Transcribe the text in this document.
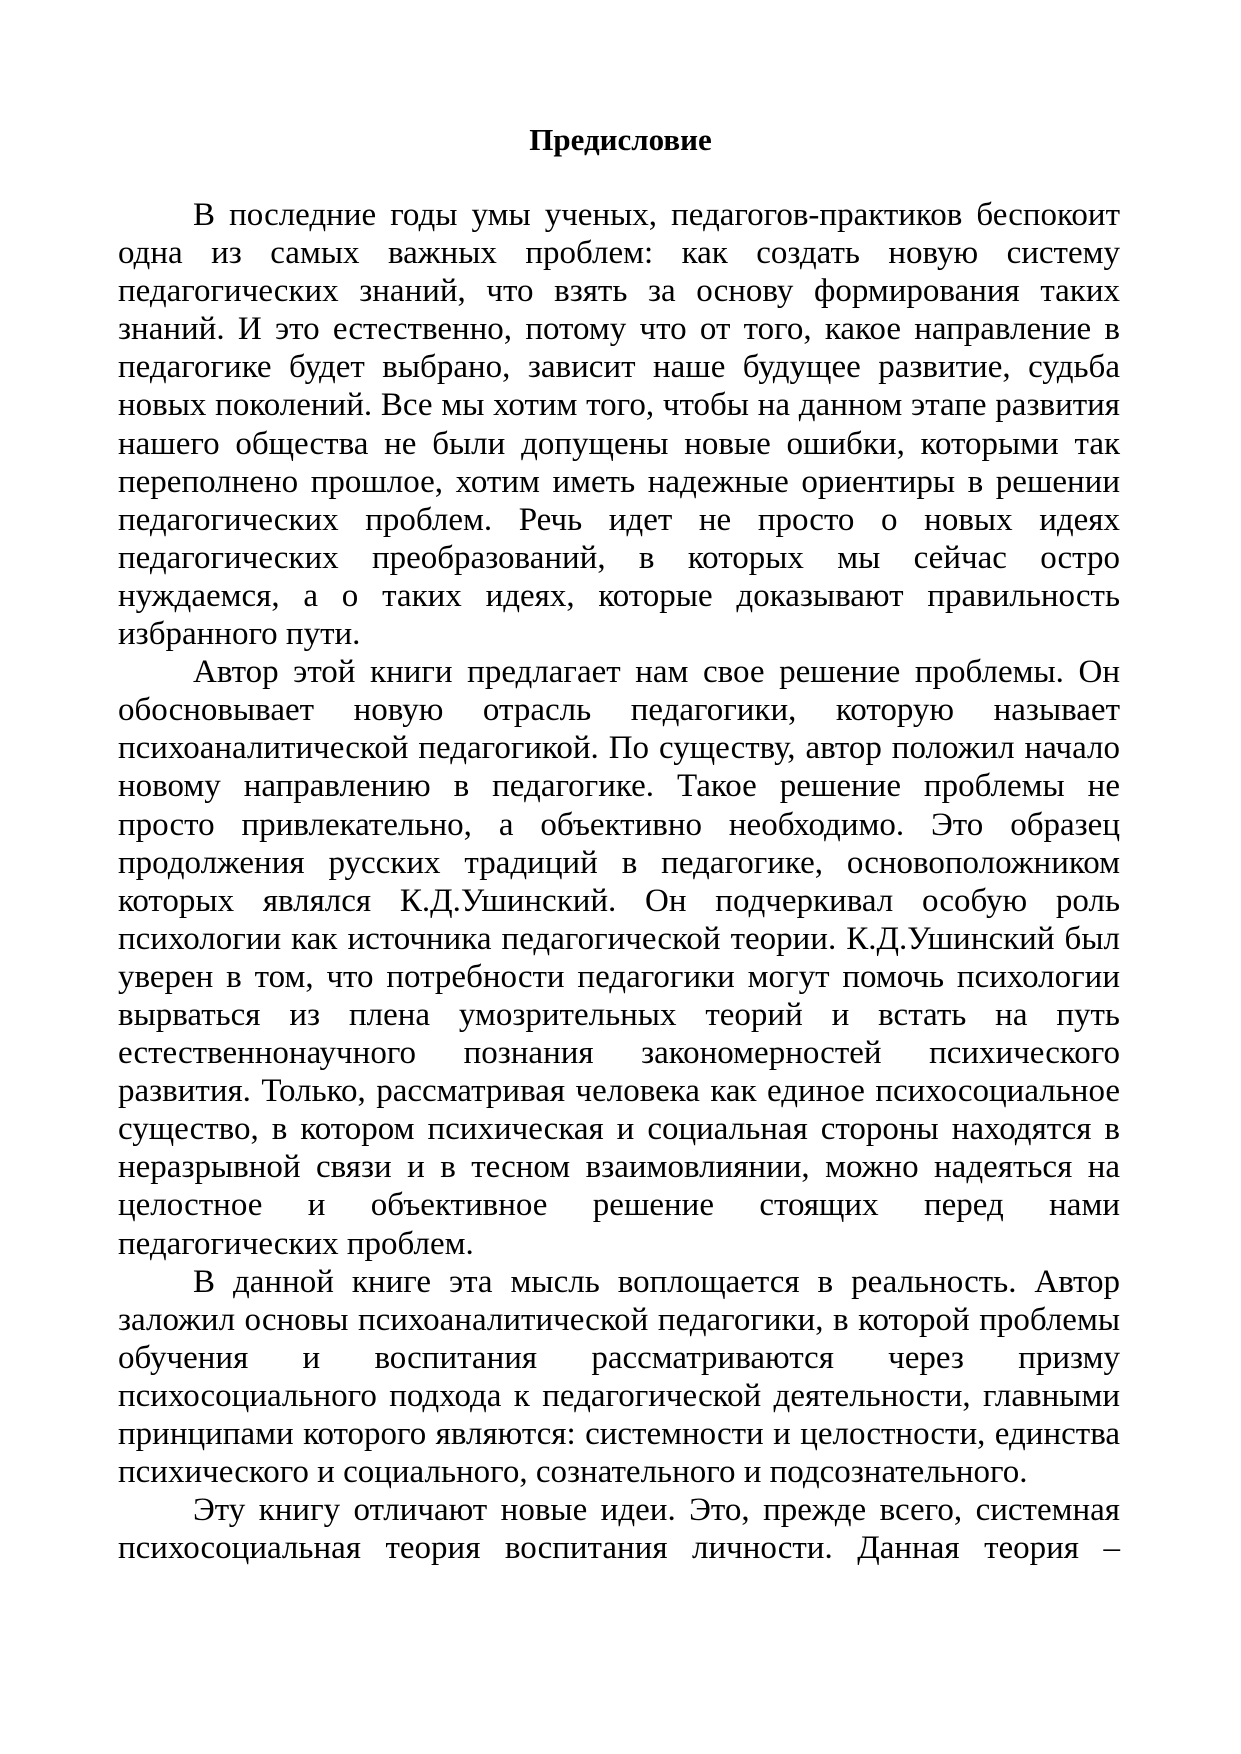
Предисловие

В последние годы умы ученых, педагогов-практиков беспокоит одна из самых важных проблем: как создать новую систему педагогических знаний, что взять за основу формирования таких знаний. И это естественно, потому что от того, какое направление в педагогике будет выбрано, зависит наше будущее развитие, судьба новых поколений. Все мы хотим того, чтобы на данном этапе развития нашего общества не были допущены новые ошибки, которыми так переполнено прошлое, хотим иметь надежные ориентиры в решении педагогических проблем. Речь идет не просто о новых идеях педагогических преобразований, в которых мы сейчас остро нуждаемся, а о таких идеях, которые доказывают правильность избранного пути.

Автор этой книги предлагает нам свое решение проблемы. Он обосновывает новую отрасль педагогики, которую называет психоаналитической педагогикой. По существу, автор положил начало новому направлению в педагогике. Такое решение проблемы не просто привлекательно, а объективно необходимо. Это образец продолжения русских традиций в педагогике, основоположником которых являлся К.Д.Ушинский. Он подчеркивал особую роль психологии как источника педагогической теории. К.Д.Ушинский был уверен в том, что потребности педагогики могут помочь психологии вырваться из плена умозрительных теорий и встать на путь естественнонаучного познания закономерностей психического развития. Только, рассматривая человека как единое психосоциальное существо, в котором психическая и социальная стороны находятся в неразрывной связи и в тесном взаимовлиянии, можно надеяться на целостное и объективное решение стоящих перед нами педагогических проблем.

В данной книге эта мысль воплощается в реальность. Автор заложил основы психоаналитической педагогики, в которой проблемы обучения и воспитания рассматриваются через призму психосоциального подхода к педагогической деятельности, главными принципами которого являются: системности и целостности, единства психического и социального, сознательного и подсознательного.

Эту книгу отличают новые идеи. Это, прежде всего, системная психосоциальная теория воспитания личности. Данная теория –
